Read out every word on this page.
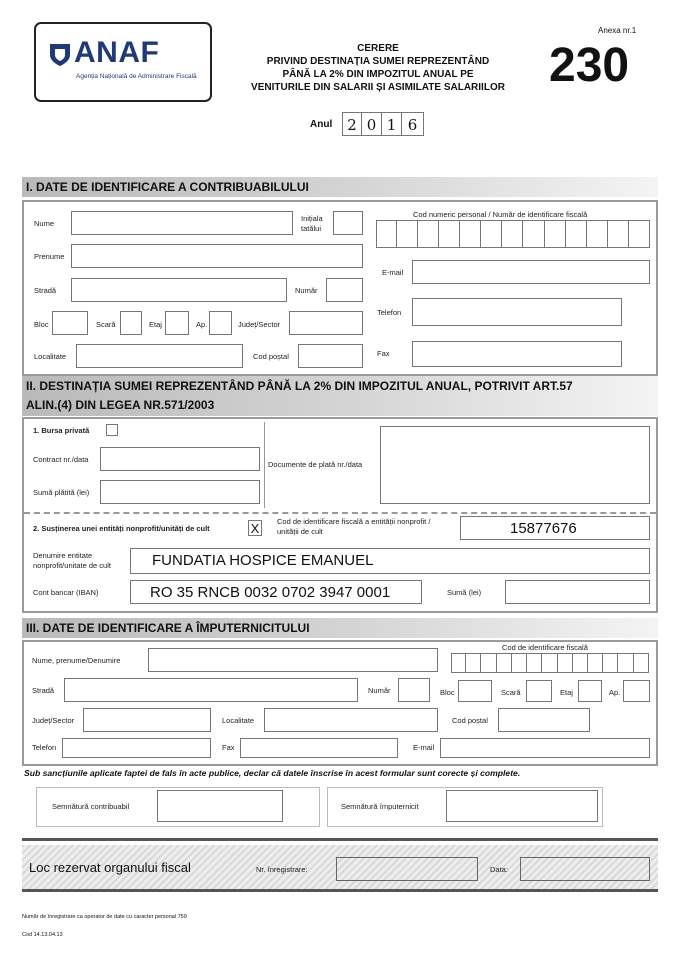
ANAF
Agenția Națională de Administrare Fiscală
Anexa nr.1
230
CERERE
PRIVIND DESTINAȚIA SUMEI REPREZENTÂND
PÂNĂ LA 2% DIN IMPOZITUL ANUAL PE
VENITURILE DIN SALARII ȘI ASIMILATE SALARIILOR
Anul	2 0 1 6
I. DATE DE IDENTIFICARE A CONTRIBUABILULUI
Nume
Inițiala
tatălui
Cod numeric personal / Număr de identificare fiscală
Prenume
E-mail
Stradă	Număr
Telefon
Bloc	Scară	Etaj	Ap.	Județ/Sector
Localitate	Cod poștal	Fax
II. DESTINAȚIA SUMEI REPREZENTÂND PÂNĂ LA 2% DIN IMPOZITUL ANUAL, POTRIVIT ART.57
ALIN.(4) DIN LEGEA NR.571/2003
1. Bursa privată
Contract nr./data
Sumă plătită (lei)
Documente de plată nr./data
2. Susținerea unei entități nonprofit/unități de cult	X	Cod de identificare fiscală a entității nonprofit /
unității de cult	15877676
Denumire entitate
nonprofit/unitate de cult	FUNDATIA HOSPICE EMANUEL
Cont bancar (IBAN)	RO 35 RNCB 0032 0702 3947 0001	Sumă (lei)
III. DATE DE IDENTIFICARE A ÎMPUTERNICITULUI
Nume, prenume/Denumire
Cod de identificare fiscală
Stradă	Număr	Bloc	Scară	Etaj	Ap.
Județ/Sector	Localitate	Cod poștal
Telefon	Fax	E-mail
Sub sancțiunile aplicate faptei de fals în acte publice, declar că datele înscrise în acest formular sunt corecte și complete.
Semnătură contribuabil	Semnătură împuternicit
Loc rezervat organului fiscal	Nr. înregistrare:	Data:
Număr de înregistrare ca operator de date cu caracter personal 759
Cod 14.13.04.13
